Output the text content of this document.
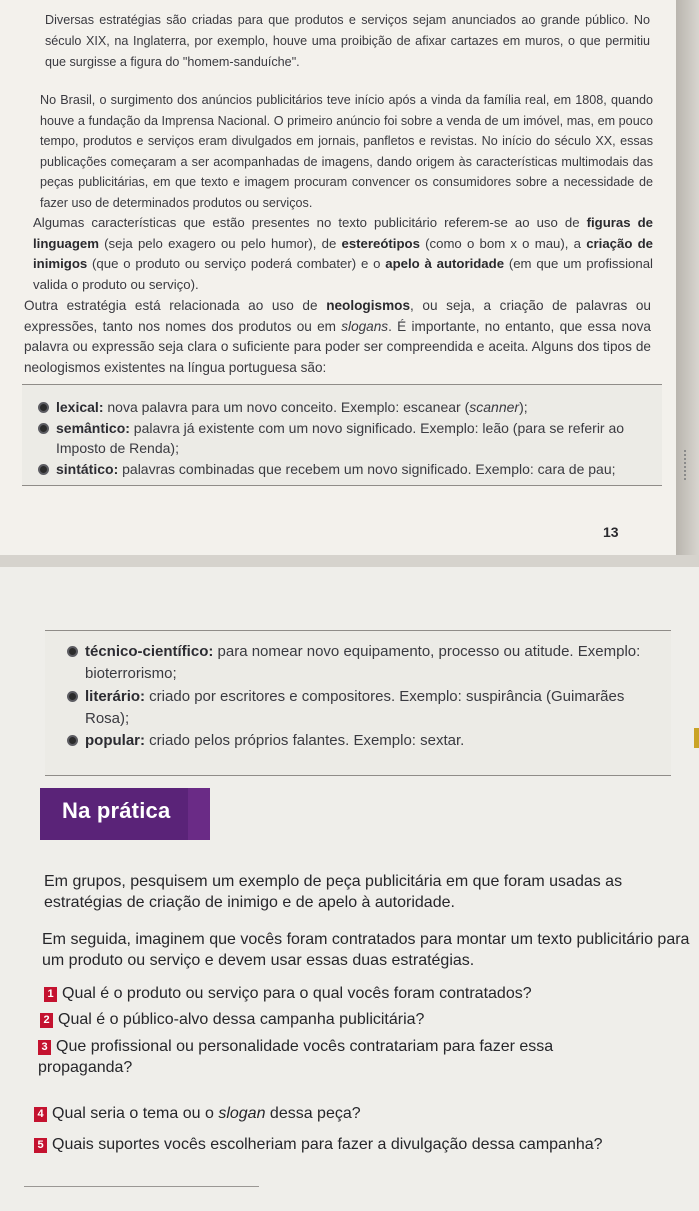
Diversas estratégias são criadas para que produtos e serviços sejam anunciados ao grande público. No século XIX, na Inglaterra, por exemplo, houve uma proibição de afixar cartazes em muros, o que permitiu que surgisse a figura do "homem-sanduíche".

No Brasil, o surgimento dos anúncios publicitários teve início após a vinda da família real, em 1808, quando houve a fundação da Imprensa Nacional. O primeiro anúncio foi sobre a venda de um imóvel, mas, em pouco tempo, produtos e serviços eram divulgados em jornais, panfletos e revistas. No início do século XX, essas publicações começaram a ser acompanhadas de imagens, dando origem às características multimodais das peças publicitárias, em que texto e imagem procuram convencer os consumidores sobre a necessidade de fazer uso de determinados produtos ou serviços.

Algumas características que estão presentes no texto publicitário referem-se ao uso de figuras de linguagem (seja pelo exagero ou pelo humor), de estereótipos (como o bom x o mau), a criação de inimigos (que o produto ou serviço poderá combater) e o apelo à autoridade (em que um profissional valida o produto ou serviço).

Outra estratégia está relacionada ao uso de neologismos, ou seja, a criação de palavras ou expressões, tanto nos nomes dos produtos ou em slogans. É importante, no entanto, que essa nova palavra ou expressão seja clara o suficiente para poder ser compreendida e aceita. Alguns dos tipos de neologismos existentes na língua portuguesa são:

lexical: nova palavra para um novo conceito. Exemplo: escanear (scanner);
semântico: palavra já existente com um novo significado. Exemplo: leão (para se referir ao Imposto de Renda);
sintático: palavras combinadas que recebem um novo significado. Exemplo: cara de pau;
13
técnico-científico: para nomear novo equipamento, processo ou atitude. Exemplo: bioterrorismo;
literário: criado por escritores e compositores. Exemplo: suspirância (Guimarães Rosa);
popular: criado pelos próprios falantes. Exemplo: sextar.
Na prática

Em grupos, pesquisem um exemplo de peça publicitária em que foram usadas as estratégias de criação de inimigo e de apelo à autoridade.

Em seguida, imaginem que vocês foram contratados para montar um texto publicitário para um produto ou serviço e devem usar essas duas estratégias.

1 Qual é o produto ou serviço para o qual vocês foram contratados?

2 Qual é o público-alvo dessa campanha publicitária?

3 Que profissional ou personalidade vocês contratariam para fazer essa propaganda?

4 Qual seria o tema ou o slogan dessa peça?

5 Quais suportes vocês escolheriam para fazer a divulgação dessa campanha?
